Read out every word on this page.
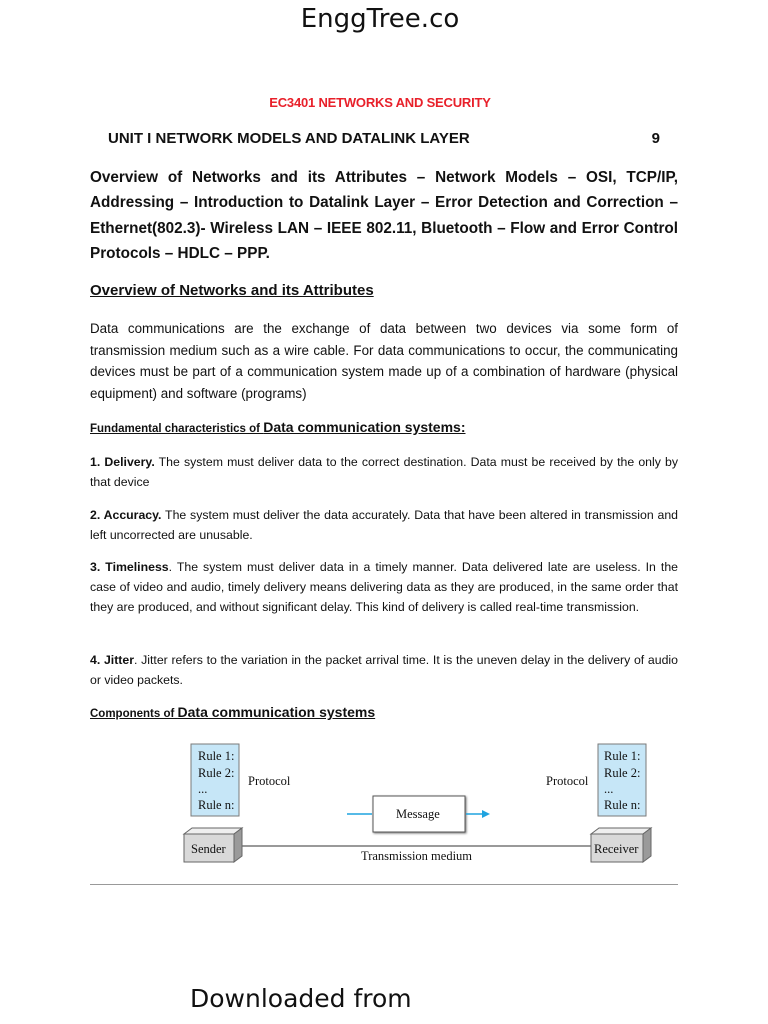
EnggTree.co
EC3401 NETWORKS AND SECURITY
UNIT I NETWORK MODELS AND DATALINK LAYER	9

Overview of Networks and its Attributes – Network Models – OSI, TCP/IP, Addressing – Introduction to Datalink Layer – Error Detection and Correction – Ethernet(802.3)- Wireless LAN – IEEE 802.11, Bluetooth – Flow and Error Control Protocols – HDLC – PPP.

Overview of Networks and its Attributes

Data communications are the exchange of data between two devices via some form of transmission medium such as a wire cable. For data communications to occur, the communicating devices must be part of a communication system made up of a combination of hardware (physical equipment) and software (programs)

Fundamental characteristics of Data communication systems:

1. Delivery. The system must deliver data to the correct destination. Data must be received by the only by that device

2. Accuracy. The system must deliver the data accurately. Data that have been altered in transmission and left uncorrected are unusable.

3. Timeliness. The system must deliver data in a timely manner. Data delivered late are useless. In the case of video and audio, timely delivery means delivering data as they are produced, in the same order that they are produced, and without significant delay. This kind of delivery is called real-time transmission.

4. Jitter. Jitter refers to the variation in the packet arrival time. It is the uneven delay in the delivery of audio or video packets.

Components of Data communication systems

Rule 1:
Rule 2:
...
Rule n:
Protocol
Rule 1:
Rule 2:
...
Rule n:
Protocol
Message
Transmission medium
Sender	Receiver
Downloaded from
